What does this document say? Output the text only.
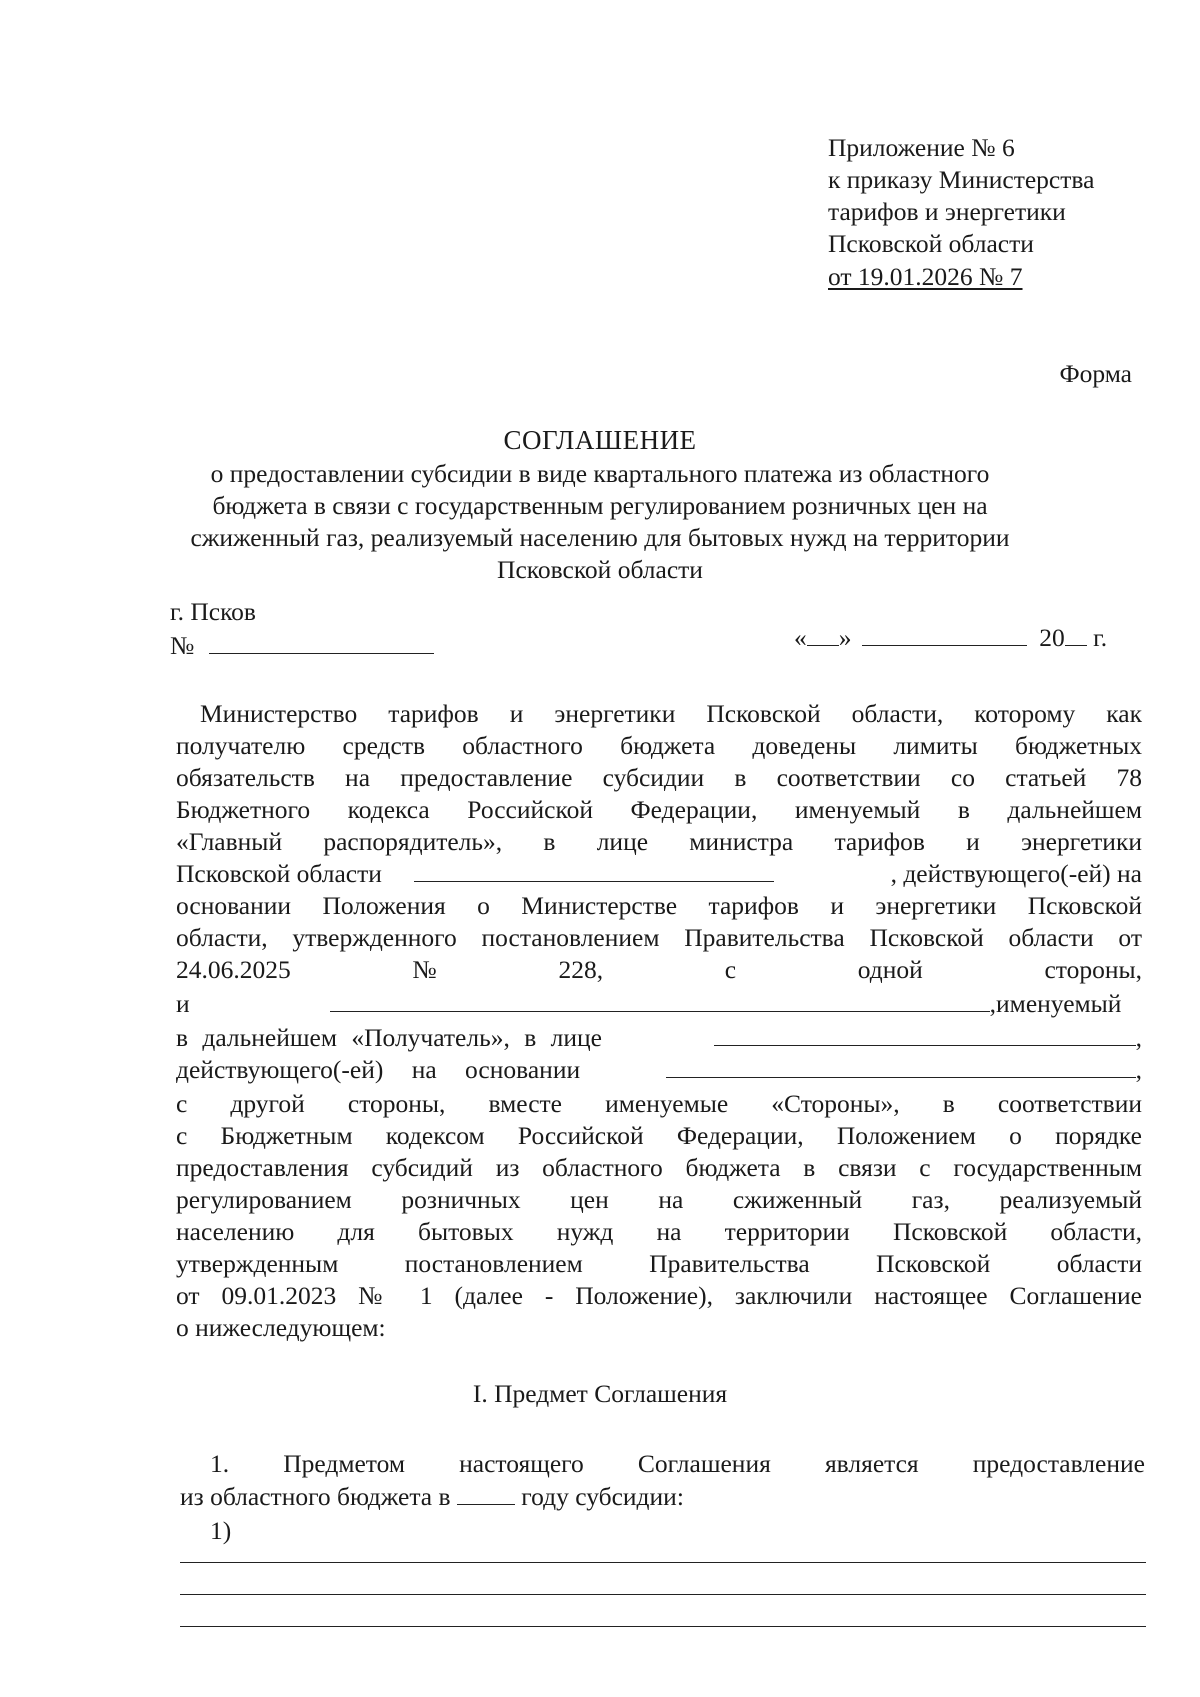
Приложение № 6
к приказу Министерства
тарифов и энергетики
Псковской области
от 19.01.2026 № 7
Форма
СОГЛАШЕНИЕ
о предоставлении субсидии в виде квартального платежа из областного
бюджета в связи с государственным регулированием розничных цен на
сжиженный газ, реализуемый населению для бытовых нужд на территории
Псковской области
г. Псков
№	« »	20 г.
Министерство тарифов и энергетики Псковской области, которому как
получателю средств областного бюджета доведены лимиты бюджетных
обязательств на предоставление субсидии в соответствии со статьей 78
Бюджетного кодекса Российской Федерации, именуемый в дальнейшем
«Главный распорядитель», в лице министра тарифов и энергетики
Псковской области	, действующего(-ей) на
основании Положения о Министерстве тарифов и энергетики Псковской
области, утвержденного постановлением Правительства Псковской области от
24.06.2025	№	228,	с	одной	стороны,
и	,именуемый
в дальнейшем «Получатель», в лице	,
действующего(-ей) на основании	,
с другой стороны, вместе именуемые «Стороны», в соответствии
с Бюджетным кодексом Российской Федерации, Положением о порядке
предоставления субсидий из областного бюджета в связи с государственным
регулированием розничных цен на сжиженный газ, реализуемый
населению для бытовых нужд на территории Псковской области,
утвержденным постановлением Правительства Псковской области
от 09.01.2023 № 1 (далее - Положение), заключили настоящее Соглашение
о нижеследующем:
I. Предмет Соглашения
1. Предметом настоящего Соглашения является предоставление
из областного бюджета в	году субсидии:
1)
